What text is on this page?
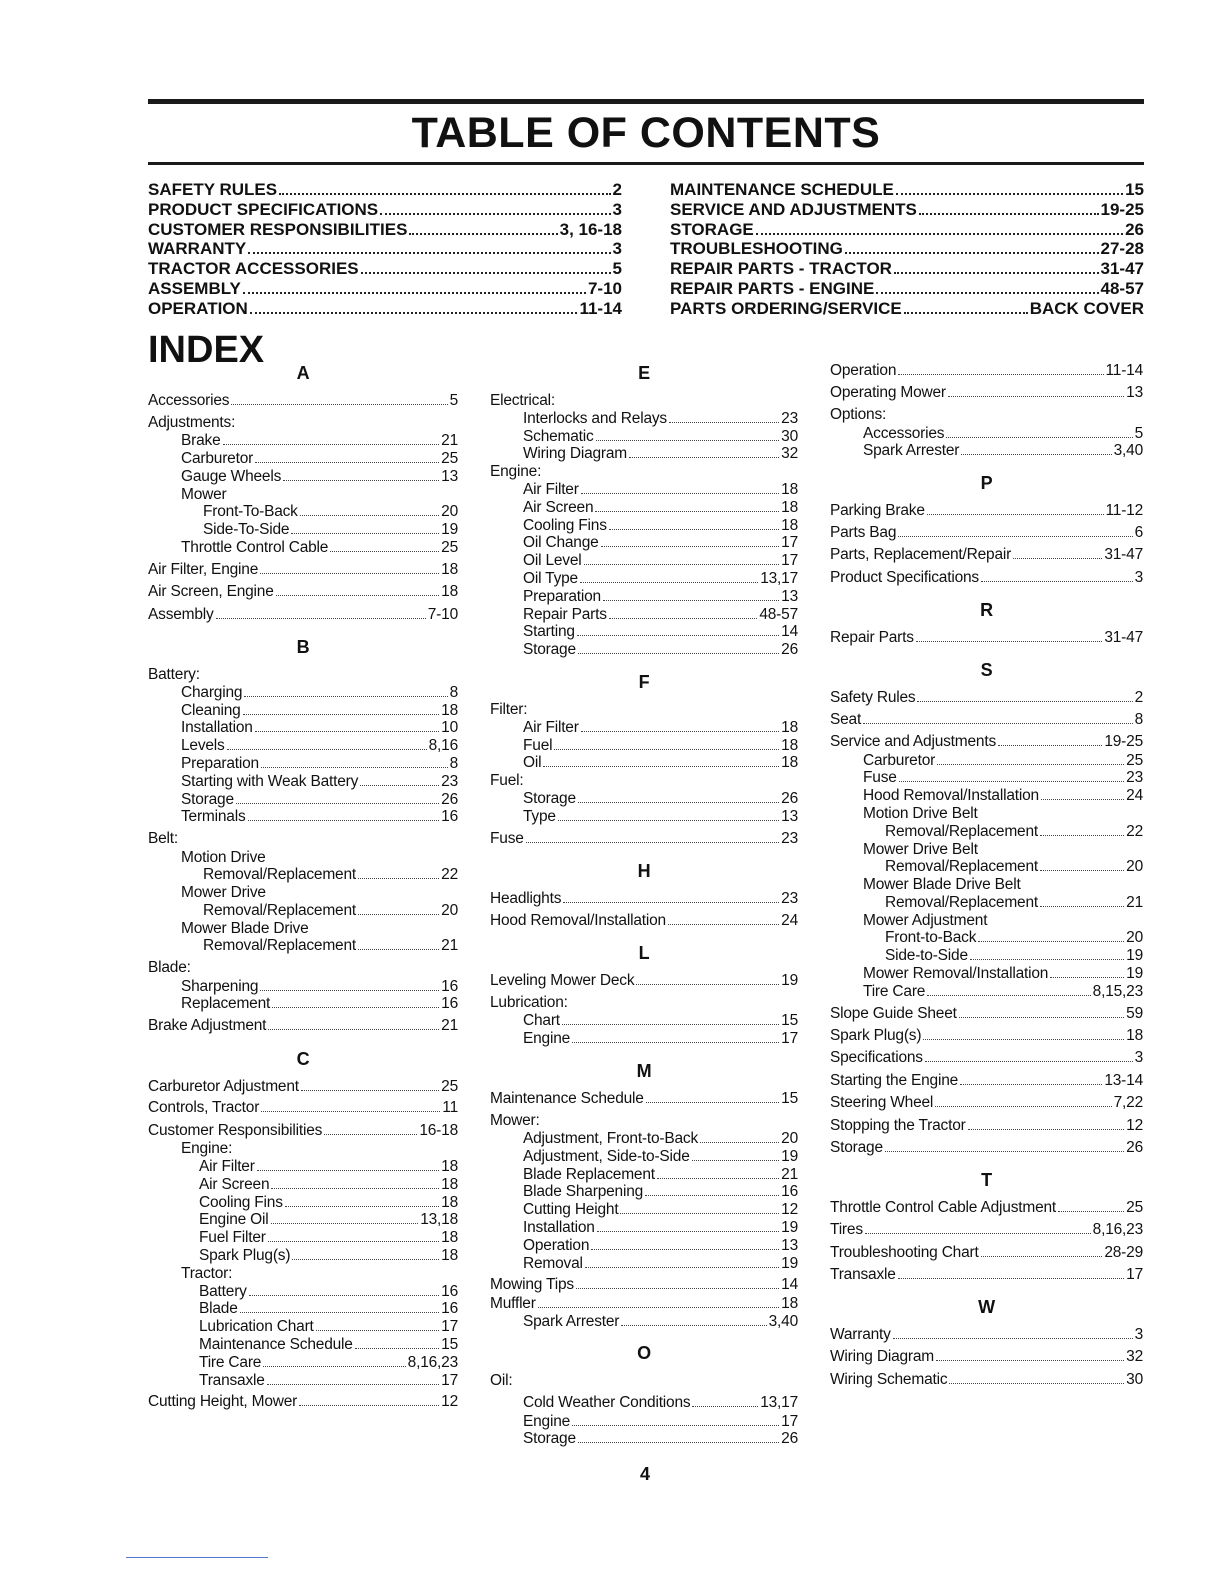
TABLE OF CONTENTS
SAFETY RULES	2
PRODUCT SPECIFICATIONS	3
CUSTOMER RESPONSIBILITIES	3, 16-18
WARRANTY	3
TRACTOR ACCESSORIES	5
ASSEMBLY	7-10
OPERATION	11-14
MAINTENANCE SCHEDULE	15
SERVICE AND ADJUSTMENTS	19-25
STORAGE	26
TROUBLESHOOTING	27-28
REPAIR PARTS - TRACTOR	31-47
REPAIR PARTS - ENGINE	48-57
PARTS ORDERING/SERVICE	BACK COVER
INDEX
A
Accessories	5
Adjustments:
Brake	21
Carburetor	25
Gauge Wheels	13
Mower
Front-To-Back	20
Side-To-Side	19
Throttle Control Cable	25
Air Filter, Engine	18
Air Screen, Engine	18
Assembly	7-10
B
Battery:
Charging	8
Cleaning	18
Installation	10
Levels	8,16
Preparation	8
Starting with Weak Battery	23
Storage	26
Terminals	16
Belt:
Motion Drive
Removal/Replacement	22
Mower Drive
Removal/Replacement	20
Mower Blade Drive
Removal/Replacement	21
Blade:
Sharpening	16
Replacement	16
Brake Adjustment	21
C
Carburetor Adjustment	25
Controls, Tractor	11
Customer Responsibilities	16-18
Engine:
Air Filter	18
Air Screen	18
Cooling Fins	18
Engine Oil	13,18
Fuel Filter	18
Spark Plug(s)	18
Tractor:
Battery	16
Blade	16
Lubrication Chart	17
Maintenance Schedule	15
Tire Care	8,16,23
Transaxle	17
Cutting Height, Mower	12
E
Electrical:
Interlocks and Relays	23
Schematic	30
Wiring Diagram	32
Engine:
Air Filter	18
Air Screen	18
Cooling Fins	18
Oil Change	17
Oil Level	17
Oil Type	13,17
Preparation	13
Repair Parts	48-57
Starting	14
Storage	26
F
Filter:
Air Filter	18
Fuel	18
Oil	18
Fuel:
Storage	26
Type	13
Fuse	23
H
Headlights	23
Hood Removal/Installation	24
L
Leveling Mower Deck	19
Lubrication:
Chart	15
Engine	17
M
Maintenance Schedule	15
Mower:
Adjustment, Front-to-Back	20
Adjustment, Side-to-Side	19
Blade Replacement	21
Blade Sharpening	16
Cutting Height	12
Installation	19
Operation	13
Removal	19
Mowing Tips	14
Muffler	18
Spark Arrester	3,40
O
Oil:
Cold Weather Conditions	13,17
Engine	17
Storage	26
Operation	11-14
Operating Mower	13
Options:
Accessories	5
Spark Arrester	3,40
P
Parking Brake	11-12
Parts Bag	6
Parts, Replacement/Repair	31-47
Product Specifications	3
R
Repair Parts	31-47
S
Safety Rules	2
Seat	8
Service and Adjustments	19-25
Carburetor	25
Fuse	23
Hood Removal/Installation	24
Motion Drive Belt
Removal/Replacement	22
Mower Drive Belt
Removal/Replacement	20
Mower Blade Drive Belt
Removal/Replacement	21
Mower Adjustment
Front-to-Back	20
Side-to-Side	19
Mower Removal/Installation	19
Tire Care	8,15,23
Slope Guide Sheet	59
Spark Plug(s)	18
Specifications	3
Starting the Engine	13-14
Steering Wheel	7,22
Stopping the Tractor	12
Storage	26
T
Throttle Control Cable Adjustment	25
Tires	8,16,23
Troubleshooting Chart	28-29
Transaxle	17
W
Warranty	3
Wiring Diagram	32
Wiring Schematic	30
4
